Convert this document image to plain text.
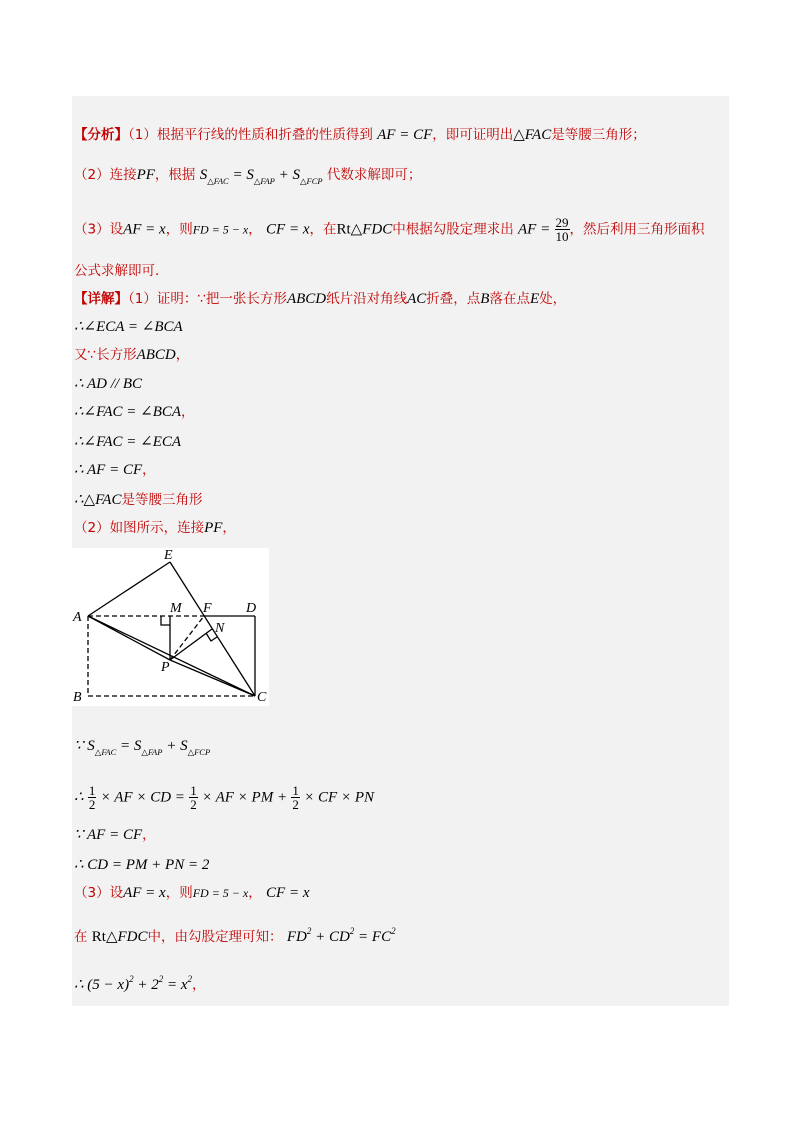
【分析】（1）根据平行线的性质和折叠的性质得到 AF = CF，即可证明出△FAC是等腰三角形；
（2）连接PF，根据 $S_{\triangle FAC} = S_{\triangle FAP} + S_{\triangle FCP}$ 代数求解即可；
（3）设AF = x，则FD = 5 − x， CF = x，在Rt△FDC中根据勾股定理求出 AF = $\frac{29}{10}$ ，然后利用三角形面积
公式求解即可．
【详解】（1）证明：∵把一张长方形ABCD纸片沿对角线AC折叠，点B落在点E处，
∴∠ECA = ∠BCA
又∵长方形ABCD，
∴ AD // BC
∴∠FAC = ∠BCA，
∴∠FAC = ∠ECA
∴ AF = CF，
∴△FAC是等腰三角形
（2）如图所示，连接PF，
E
A
M F D
N
P
B	C
∵ $S_{\triangle FAC} = S_{\triangle FAP} + S_{\triangle FCP}$
∴ $\frac{1}{2}$ × AF × CD = $\frac{1}{2}$ × AF × PM + $\frac{1}{2}$ × CF × PN
∵ AF = CF，
∴ CD = PM + PN = 2
（3）设AF = x，则FD = 5 − x， CF = x
在 Rt△FDC中，由勾股定理可知： $FD^2 + CD^2 = FC^2$
∴ $(5 - x)^2 + 2^2 = x^2$，
